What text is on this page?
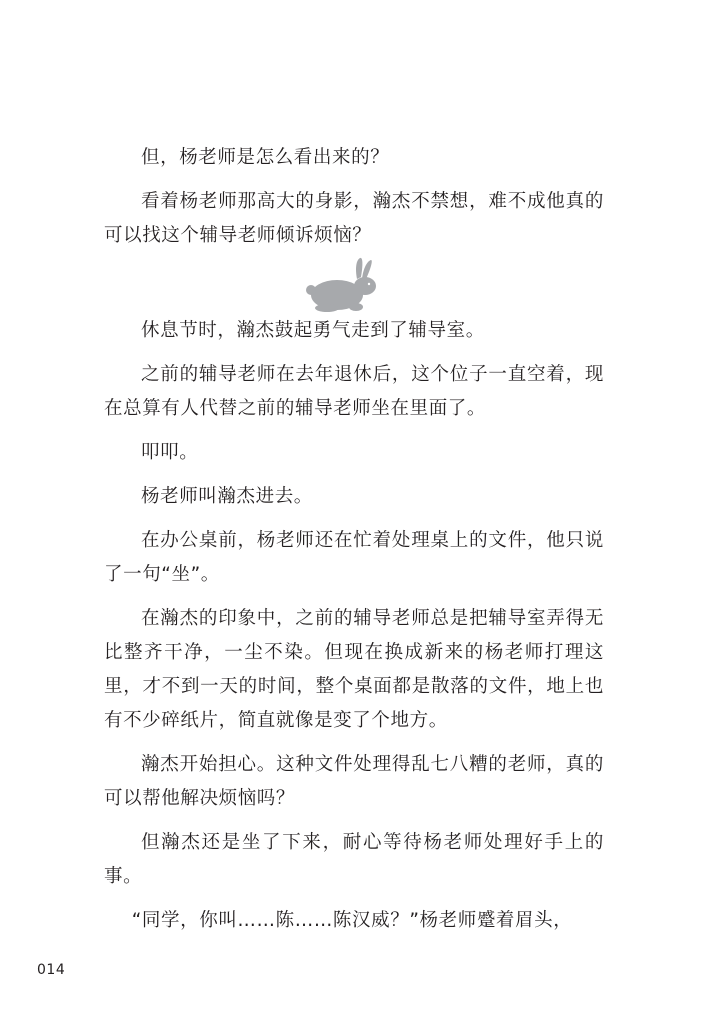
但，杨老师是怎么看出来的？

看着杨老师那高大的身影，瀚杰不禁想，难不成他真的可以找这个辅导老师倾诉烦恼？

休息节时，瀚杰鼓起勇气走到了辅导室。

之前的辅导老师在去年退休后，这个位子一直空着，现在总算有人代替之前的辅导老师坐在里面了。

叩叩。

杨老师叫瀚杰进去。

在办公桌前，杨老师还在忙着处理桌上的文件，他只说了一句“坐”。

在瀚杰的印象中，之前的辅导老师总是把辅导室弄得无比整齐干净，一尘不染。但现在换成新来的杨老师打理这里，才不到一天的时间，整个桌面都是散落的文件，地上也有不少碎纸片，简直就像是变了个地方。

瀚杰开始担心。这种文件处理得乱七八糟的老师，真的可以帮他解决烦恼吗？

但瀚杰还是坐了下来，耐心等待杨老师处理好手上的事。

“同学，你叫……陈……陈汉威？”杨老师蹙着眉头，

014
